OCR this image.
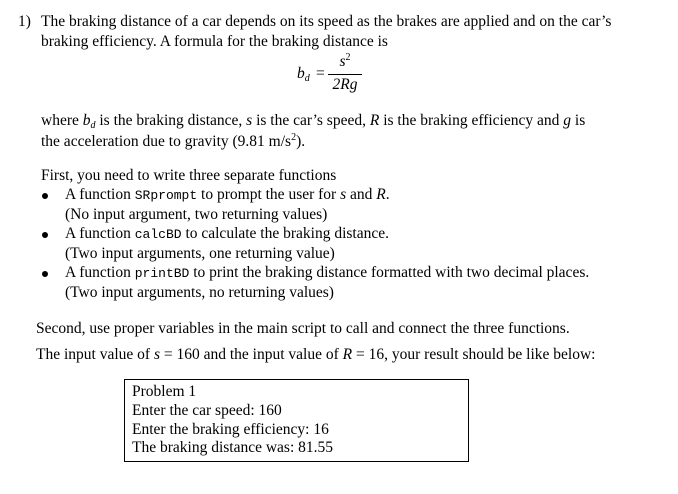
1) The braking distance of a car depends on its speed as the brakes are applied and on the car’s
braking efficiency. A formula for the braking distance is
$b_d$ =
$s^2$
2Rg
where $b_d$ is the braking distance, s is the car’s speed, R is the braking efficiency and g is
the acceleration due to gravity (9.81 $m/s^2$).
First, you need to write three separate functions
A function SRprompt to prompt the user for s and R.
(No input argument, two returning values)
A function calcBD to calculate the braking distance.
(Two input arguments, one returning value)
A function printBD to print the braking distance formatted with two decimal places.
(Two input arguments, no returning values)
Second, use proper variables in the main script to call and connect the three functions.
The input value of s = 160 and the input value of R = 16, your result should be like below:
Problem 1
Enter the car speed: 160
Enter the braking efficiency: 16
The braking distance was: 81.55
